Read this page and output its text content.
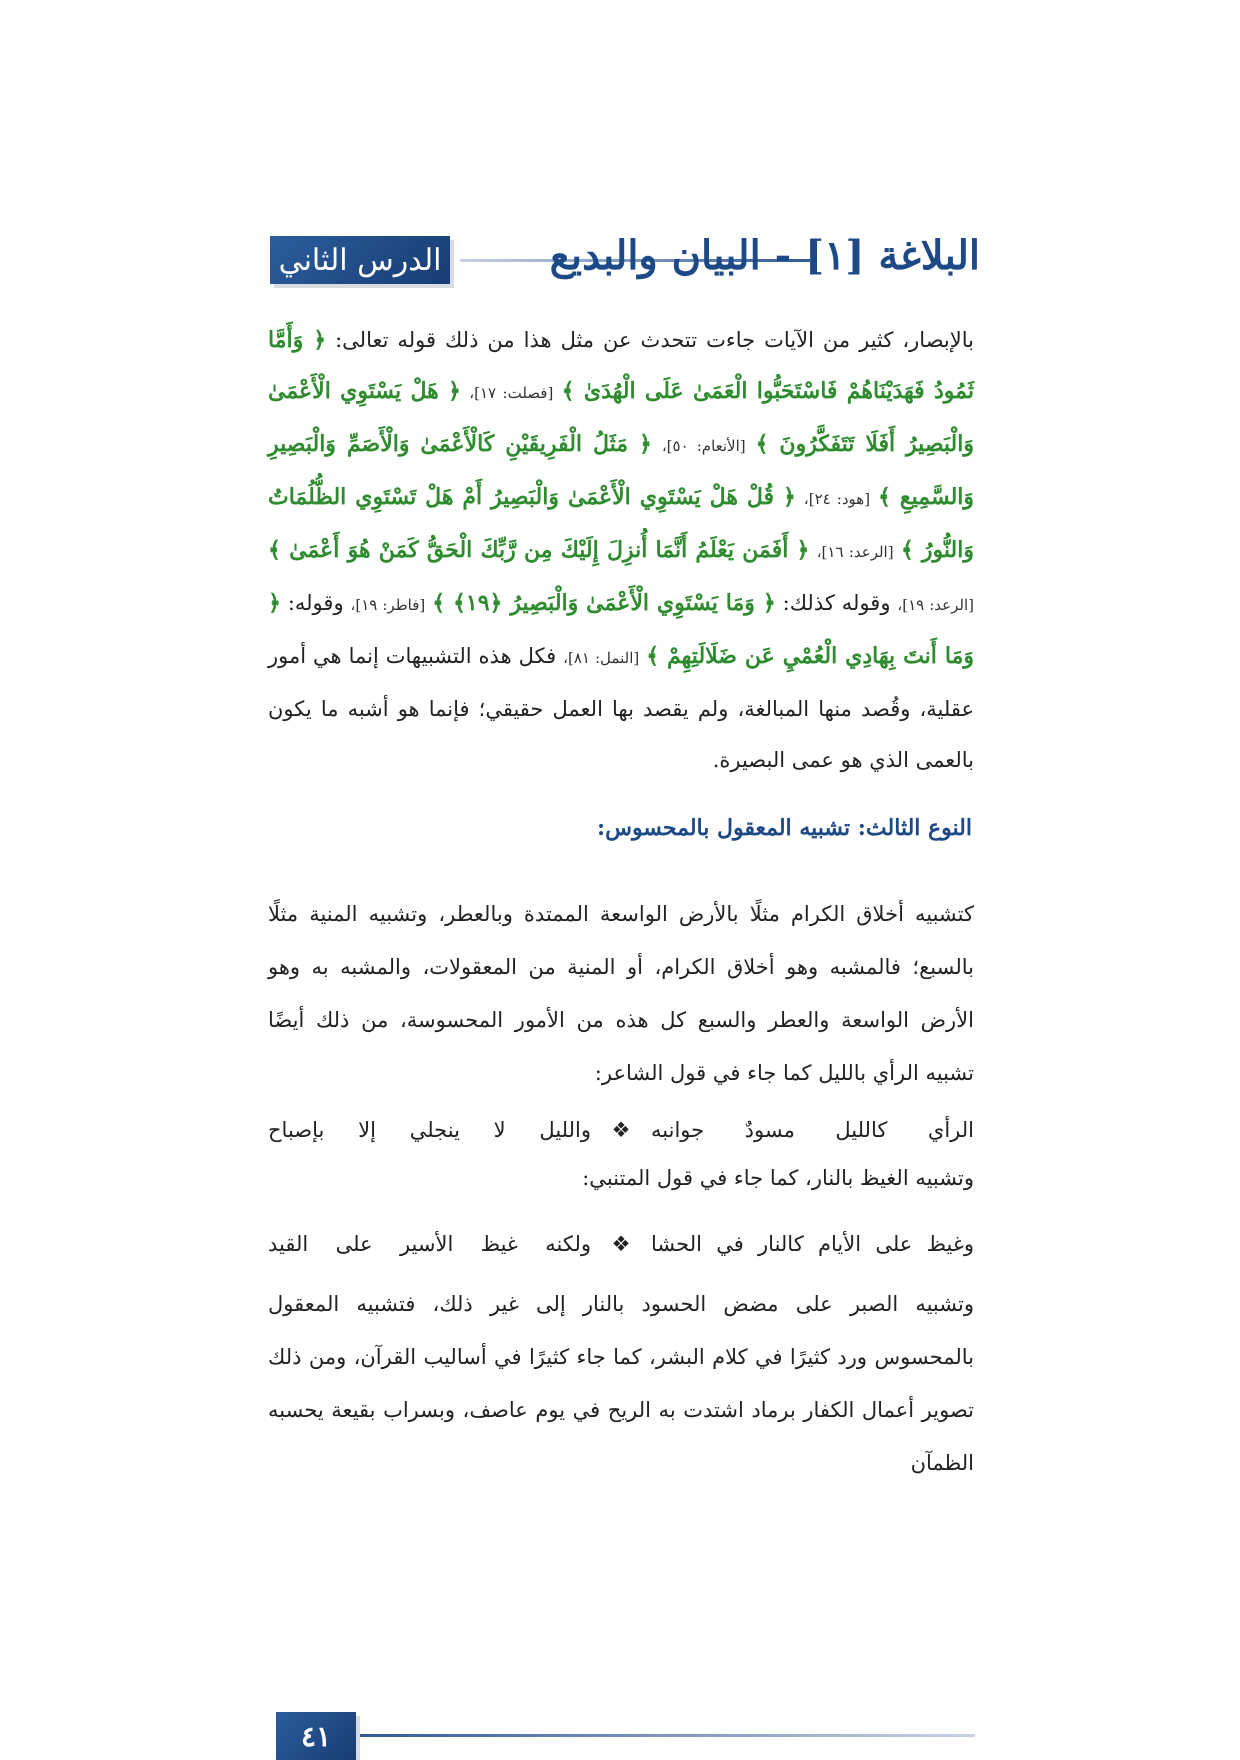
الدرس الثاني	البلاغة [١] - البيان والبديع

بالإبصار، كثير من الآيات جاءت تتحدث عن مثل هذا من ذلك قوله تعالى: ﴿ وَأَمَّا ثَمُودُ فَهَدَيْنَاهُمْ فَاسْتَحَبُّوا الْعَمَىٰ عَلَى الْهُدَىٰ ﴾ [فصلت: ١٧]، ﴿ هَلْ يَسْتَوِي الْأَعْمَىٰ وَالْبَصِيرُ أَفَلَا تَتَفَكَّرُونَ ﴾ [الأنعام: ٥٠]، ﴿ مَثَلُ الْفَرِيقَيْنِ كَالْأَعْمَىٰ وَالْأَصَمِّ وَالْبَصِيرِ وَالسَّمِيعِ ﴾ [هود: ٢٤]، ﴿ قُلْ هَلْ يَسْتَوِي الْأَعْمَىٰ وَالْبَصِيرُ أَمْ هَلْ تَسْتَوِي الظُّلُمَاتُ وَالنُّورُ ﴾ [الرعد: ١٦]، ﴿ أَفَمَن يَعْلَمُ أَنَّمَا أُنزِلَ إِلَيْكَ مِن رَّبِّكَ الْحَقُّ كَمَنْ هُوَ أَعْمَىٰ ﴾ [الرعد: ١٩]، وقوله كذلك: ﴿ وَمَا يَسْتَوِي الْأَعْمَىٰ وَالْبَصِيرُ ﴿١٩﴾ ﴾ [فاطر: ١٩]، وقوله: ﴿ وَمَا أَنتَ بِهَادِي الْعُمْيِ عَن ضَلَالَتِهِمْ ﴾ [النمل: ٨١]، فكل هذه التشبيهات إنما هي أمور عقلية، وقُصد منها المبالغة، ولم يقصد بها العمل حقيقي؛ فإنما هو أشبه ما يكون بالعمى الذي هو عمى البصيرة.

النوع الثالث: تشبيه المعقول بالمحسوس:

كتشبيه أخلاق الكرام مثلًا بالأرض الواسعة الممتدة وبالعطر، وتشبيه المنية مثلًا بالسبع؛ فالمشبه وهو أخلاق الكرام، أو المنية من المعقولات، والمشبه به وهو الأرض الواسعة والعطر والسبع كل هذه من الأمور المحسوسة، من ذلك أيضًا تشبيه الرأي بالليل كما جاء في قول الشاعر:

الرأي كالليل مسودٌ جوانبه
❖
والليل لا ينجلي إلا بإصباح
وتشبيه الغيظ بالنار، كما جاء في قول المتنبي:
وغيظ على الأيام كالنار في الحشا
❖
ولكنه غيظ الأسير على القيد

وتشبيه الصبر على مضض الحسود بالنار إلى غير ذلك، فتشبيه المعقول بالمحسوس ورد كثيرًا في كلام البشر، كما جاء كثيرًا في أساليب القرآن، ومن ذلك تصوير أعمال الكفار برماد اشتدت به الريح في يوم عاصف، وبسراب بقيعة يحسبه الظمآن

٤١
